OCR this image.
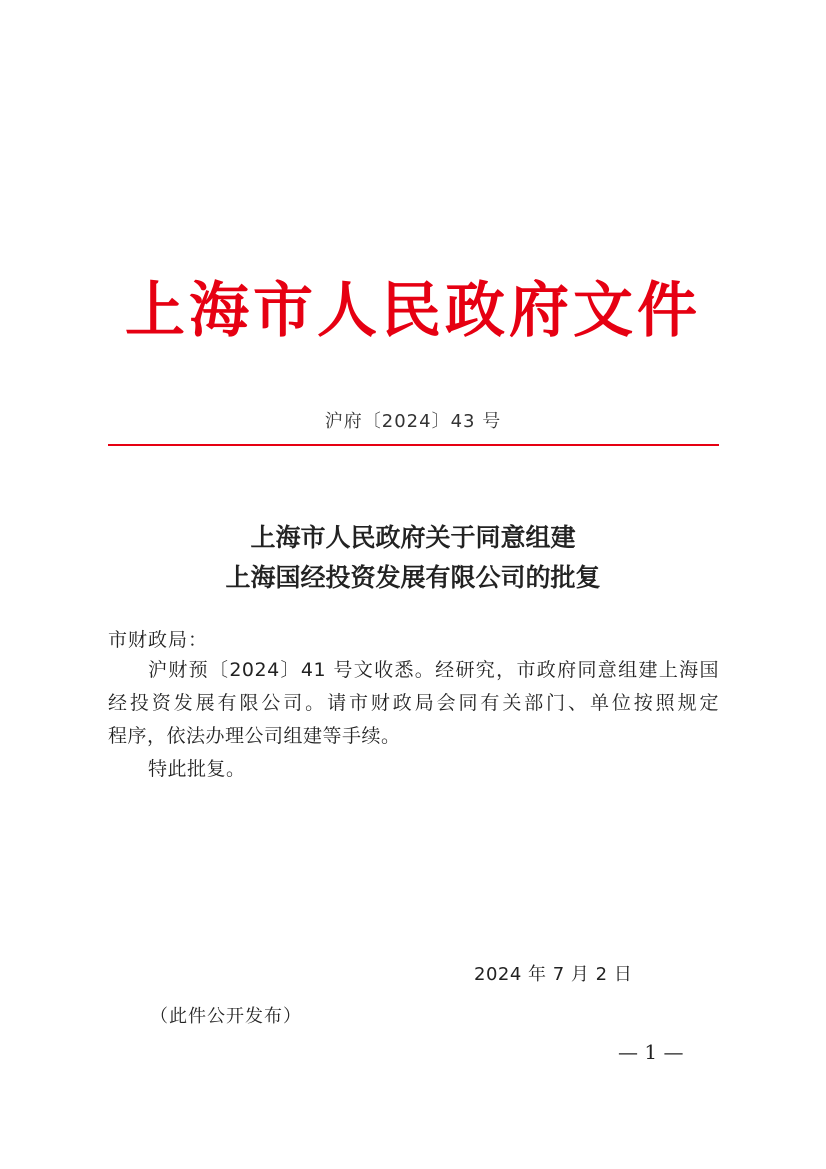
上海市人民政府文件
沪府〔2024〕43 号
上海市人民政府关于同意组建
上海国经投资发展有限公司的批复
市财政局：
沪财预〔2024〕41 号文收悉。经研究，市政府同意组建上海国
经投资发展有限公司。请市财政局会同有关部门、单位按照规定
程序，依法办理公司组建等手续。
特此批复。
2024 年 7 月 2 日
（此件公开发布）
— 1 —
